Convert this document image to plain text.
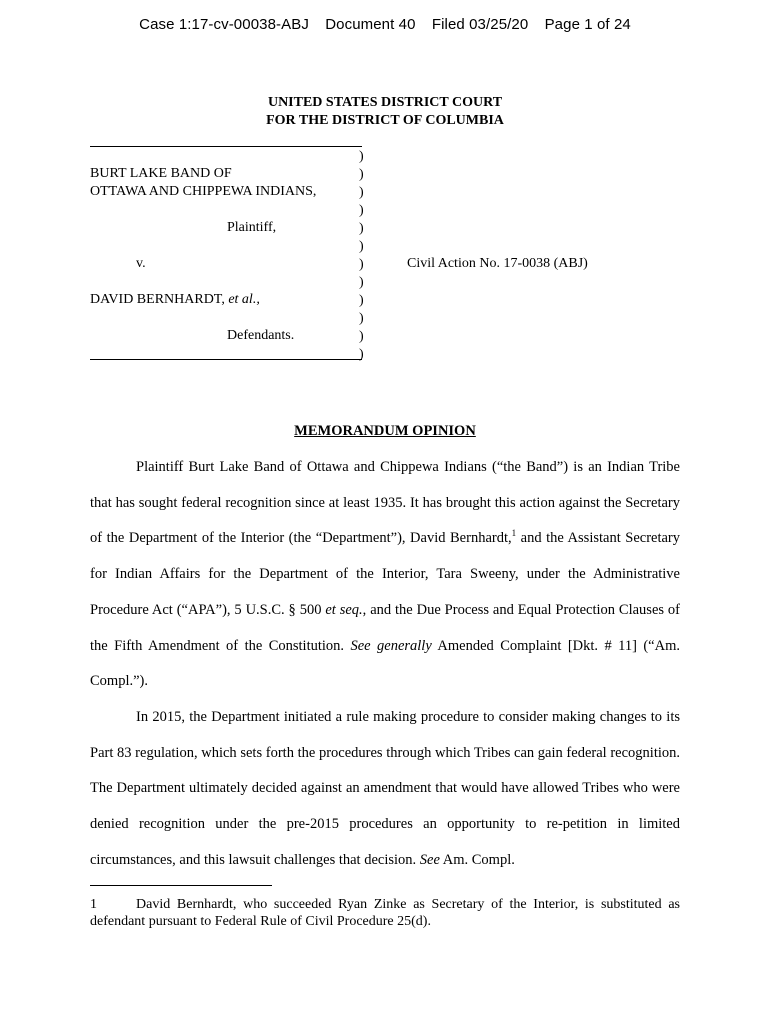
Case 1:17-cv-00038-ABJ Document 40 Filed 03/25/20 Page 1 of 24
UNITED STATES DISTRICT COURT
FOR THE DISTRICT OF COLUMBIA
)
)
)
)
)
)
)
)
)
)
)
)
BURT LAKE BAND OF
OTTAWA AND CHIPPEWA INDIANS,
Plaintiff,
v.	Civil Action No. 17-0038 (ABJ)
DAVID BERNHARDT, et al.,
Defendants.
MEMORANDUM OPINION

Plaintiff Burt Lake Band of Ottawa and Chippewa Indians (“the Band”) is an Indian Tribe that has sought federal recognition since at least 1935. It has brought this action against the Secretary of the Department of the Interior (the “Department”), David Bernhardt,$^1$ and the Assistant Secretary for Indian Affairs for the Department of the Interior, Tara Sweeny, under the Administrative Procedure Act (“APA”), 5 U.S.C. § 500 et seq., and the Due Process and Equal Protection Clauses of the Fifth Amendment of the Constitution. See generally Amended Complaint [Dkt. # 11] (“Am. Compl.”).

In 2015, the Department initiated a rule making procedure to consider making changes to its Part 83 regulation, which sets forth the procedures through which Tribes can gain federal recognition. The Department ultimately decided against an amendment that would have allowed Tribes who were denied recognition under the pre-2015 procedures an opportunity to re-petition in limited circumstances, and this lawsuit challenges that decision. See Am. Compl.

1	David Bernhardt, who succeeded Ryan Zinke as Secretary of the Interior, is substituted as defendant pursuant to Federal Rule of Civil Procedure 25(d).
